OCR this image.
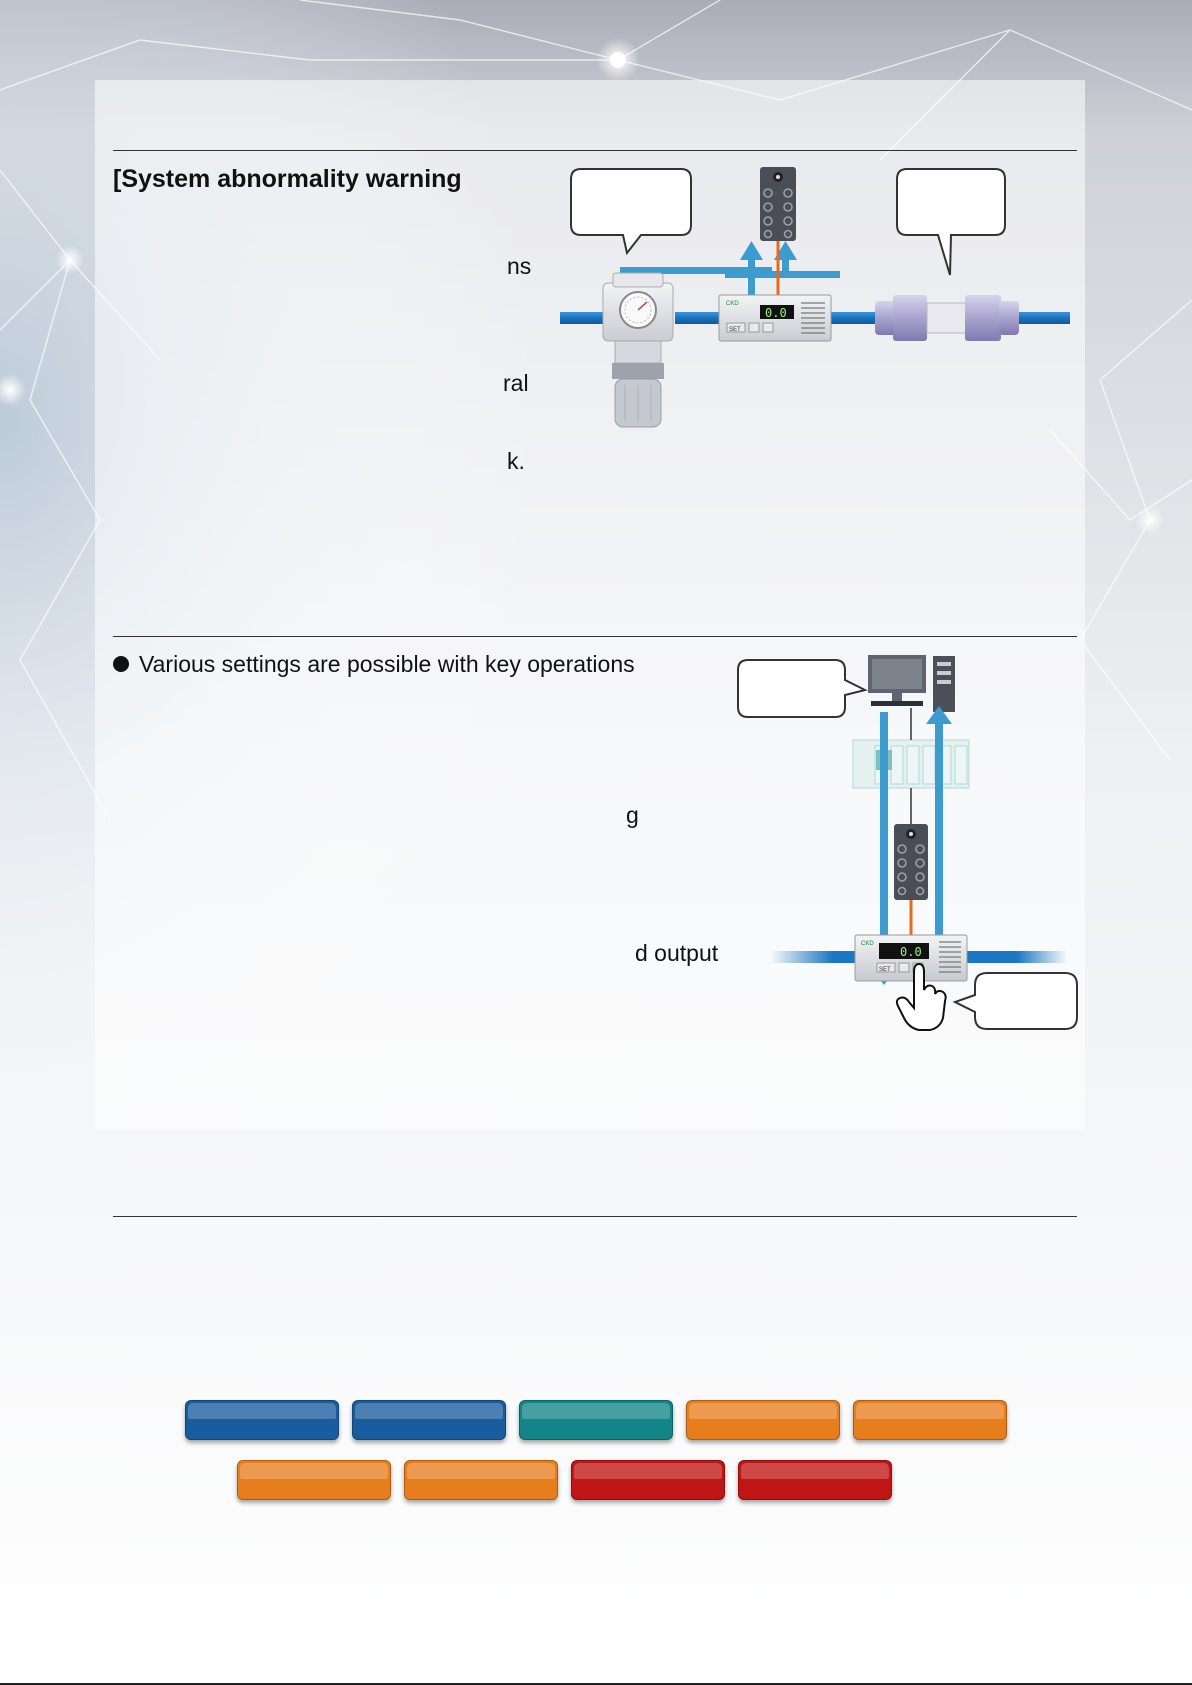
[System abnormality warning
ns
ral
k.
CKD
0.0
SET
Various settings are possible with key operations
g
d output	CKD
0.0
SET
